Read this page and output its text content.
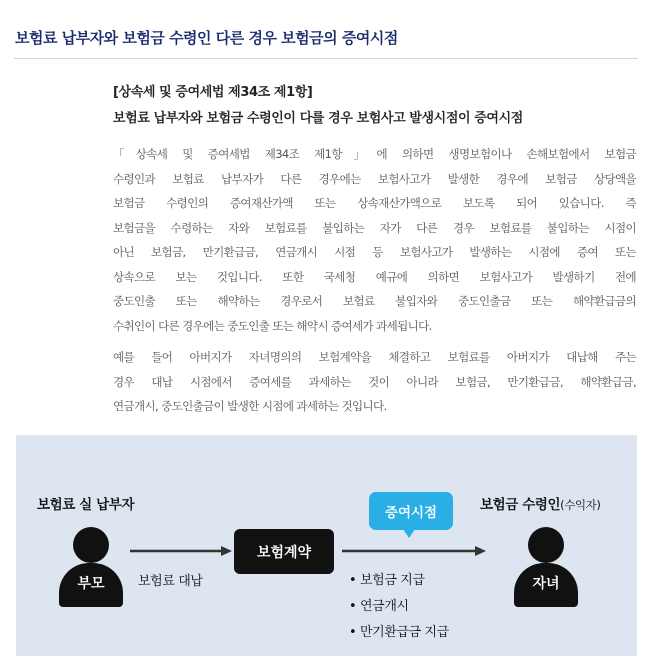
보험료 납부자와 보험금 수령인 다른 경우 보험금의 증여시점
[상속세 및 증여세법 제34조 제1항]
보험료 납부자와 보험금 수령인이 다를 경우 보험사고 발생시점이 증여시점

「상속세 및 증여세법 제34조 제1항」에 의하면 생명보험이나 손해보험에서 보험금
수령인과 보험료 납부자가 다른 경우에는 보험사고가 발생한 경우에 보험금 상당액을
보험금 수령인의 증여재산가액 또는 상속재산가액으로 보도록 되어 있습니다. 즉
보험금을 수령하는 자와 보험료를 불입하는 자가 다른 경우 보험료를 불입하는 시점이
아닌 보험금, 만기환급금, 연금개시 시점 등 보험사고가 발생하는 시점에 증여 또는
상속으로 보는 것입니다. 또한 국세청 예규에 의하면 보험사고가 발생하기 전에
중도인출 또는 해약하는 경우로서 보험료 불입자와 중도인출금 또는 해약환급금의
수취인이 다른 경우에는 중도인출 또는 해약시 증여세가 과세됩니다.

예를 들어 아버지가 자녀명의의 보험계약을 체결하고 보험료를 아버지가 대납해 주는
경우 대납 시점에서 증여세를 과세하는 것이 아니라 보험금, 만기환급금, 해약환급금,
연금개시, 중도인출금이 발생한 시점에 과세하는 것입니다.

보험료 실 납부자	보험금 수령인(수익자)
부모	자녀
보험료 대납
보험계약
증여시점
• 보험금 지급
• 연금개시
• 만기환급금 지급
